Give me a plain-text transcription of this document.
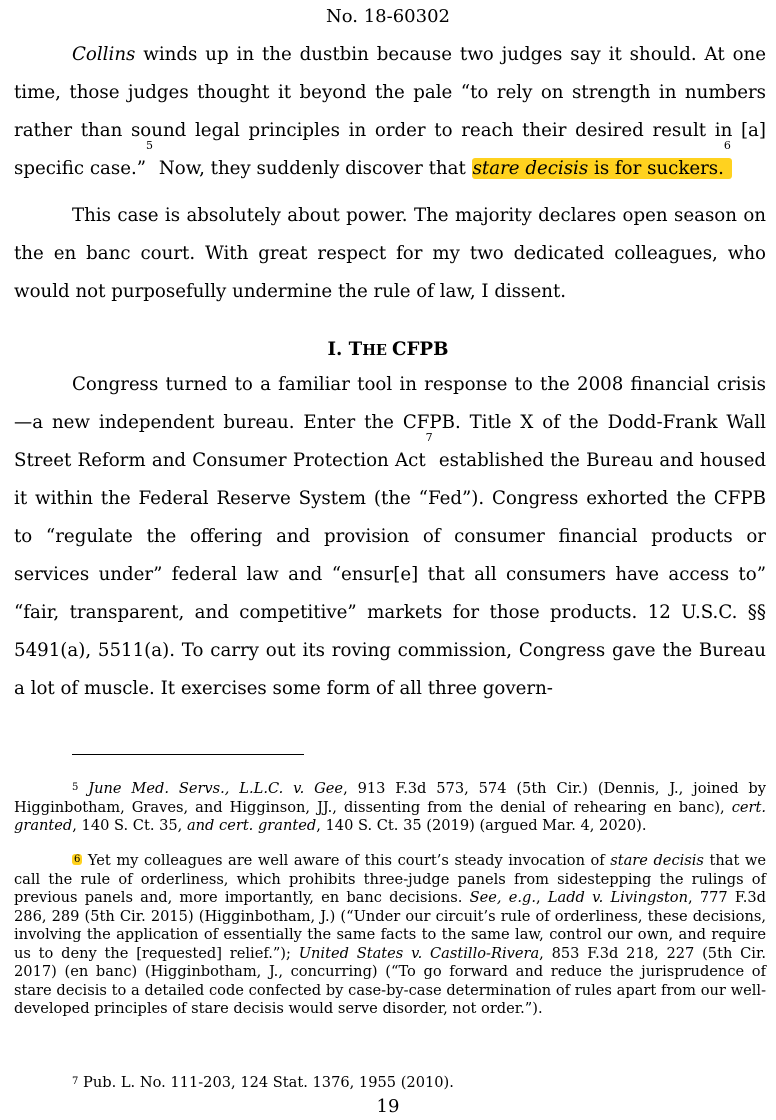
No. 18-60302

Collins winds up in the dustbin because two judges say it should. At one time, those judges thought it beyond the pale “to rely on strength in numbers rather than sound legal principles in order to reach their desired result in [a] specific case.”$^5$ Now, they suddenly discover that stare decisis is for suckers.$^6$

This case is absolutely about power. The majority declares open season on the en banc court. With great respect for my two dedicated colleagues, who would not purposefully undermine the rule of law, I dissent.

I. THE CFPB

Congress turned to a familiar tool in response to the 2008 financial crisis—a new independent bureau. Enter the CFPB. Title X of the Dodd-Frank Wall Street Reform and Consumer Protection Act$^7$ established the Bureau and housed it within the Federal Reserve System (the “Fed”). Congress exhorted the CFPB to “regulate the offering and provision of consumer financial products or services under” federal law and “ensur[e] that all consumers have access to” “fair, transparent, and competitive” markets for those products. 12 U.S.C. §§ 5491(a), 5511(a). To carry out its roving commission, Congress gave the Bureau a lot of muscle. It exercises some form of all three govern-

$^5$ June Med. Servs., L.L.C. v. Gee, 913 F.3d 573, 574 (5th Cir.) (Dennis, J., joined by Higginbotham, Graves, and Higginson, JJ., dissenting from the denial of rehearing en banc), cert. granted, 140 S. Ct. 35, and cert. granted, 140 S. Ct. 35 (2019) (argued Mar. 4, 2020).
$^6$ Yet my colleagues are well aware of this court’s steady invocation of stare decisis that we call the rule of orderliness, which prohibits three-judge panels from sidestepping the rulings of previous panels and, more importantly, en banc decisions. See, e.g., Ladd v. Livingston, 777 F.3d 286, 289 (5th Cir. 2015) (Higginbotham, J.) (“Under our circuit’s rule of orderliness, these decisions, involving the application of essentially the same facts to the same law, control our own, and require us to deny the [requested] relief.”); United States v. Castillo-Rivera, 853 F.3d 218, 227 (5th Cir. 2017) (en banc) (Higginbotham, J., concurring) (“To go forward and reduce the jurisprudence of stare decisis to a detailed code confected by case-by-case determination of rules apart from our well-developed principles of stare decisis would serve disorder, not order.”).
$^7$ Pub. L. No. 111-203, 124 Stat. 1376, 1955 (2010).
19
